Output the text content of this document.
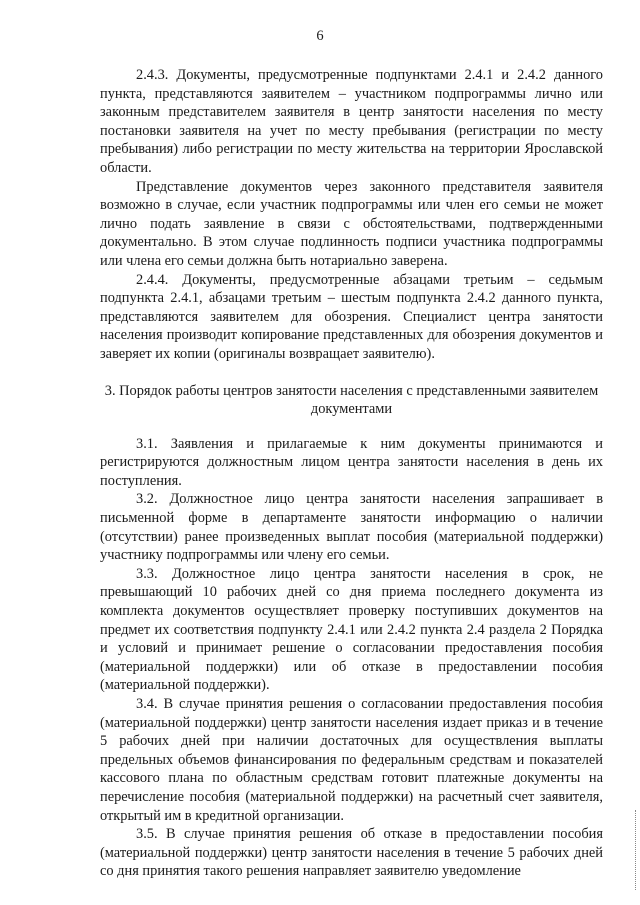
6

2.4.3. Документы, предусмотренные подпунктами 2.4.1 и 2.4.2 данного пункта, представляются заявителем – участником подпрограммы лично или законным представителем заявителя в центр занятости населения по месту постановки заявителя на учет по месту пребывания (регистрации по месту пребывания) либо регистрации по месту жительства на территории Ярославской области.

Представление документов через законного представителя заявителя возможно в случае, если участник подпрограммы или член его семьи не может лично подать заявление в связи с обстоятельствами, подтвержденными документально. В этом случае подлинность подписи участника подпрограммы или члена его семьи должна быть нотариально заверена.

2.4.4. Документы, предусмотренные абзацами третьим – седьмым подпункта 2.4.1, абзацами третьим – шестым подпункта 2.4.2 данного пункта, представляются заявителем для обозрения. Специалист центра занятости населения производит копирование представленных для обозрения документов и заверяет их копии (оригиналы возвращает заявителю).

3. Порядок работы центров занятости населения с представленными заявителем документами

3.1. Заявления и прилагаемые к ним документы принимаются и регистрируются должностным лицом центра занятости населения в день их поступления.

3.2. Должностное лицо центра занятости населения запрашивает в письменной форме в департаменте занятости информацию о наличии (отсутствии) ранее произведенных выплат пособия (материальной поддержки) участнику подпрограммы или члену его семьи.

3.3. Должностное лицо центра занятости населения в срок, не превышающий 10 рабочих дней со дня приема последнего документа из комплекта документов осуществляет проверку поступивших документов на предмет их соответствия подпункту 2.4.1 или 2.4.2 пункта 2.4 раздела 2 Порядка и условий и принимает решение о согласовании предоставления пособия (материальной поддержки) или об отказе в предоставлении пособия (материальной поддержки).

3.4. В случае принятия решения о согласовании предоставления пособия (материальной поддержки) центр занятости населения издает приказ и в течение 5 рабочих дней при наличии достаточных для осуществления выплаты предельных объемов финансирования по федеральным средствам и показателей кассового плана по областным средствам готовит платежные документы на перечисление пособия (материальной поддержки) на расчетный счет заявителя, открытый им в кредитной организации.

3.5. В случае принятия решения об отказе в предоставлении пособия (материальной поддержки) центр занятости населения в течение 5 рабочих дней со дня принятия такого решения направляет заявителю уведомление
